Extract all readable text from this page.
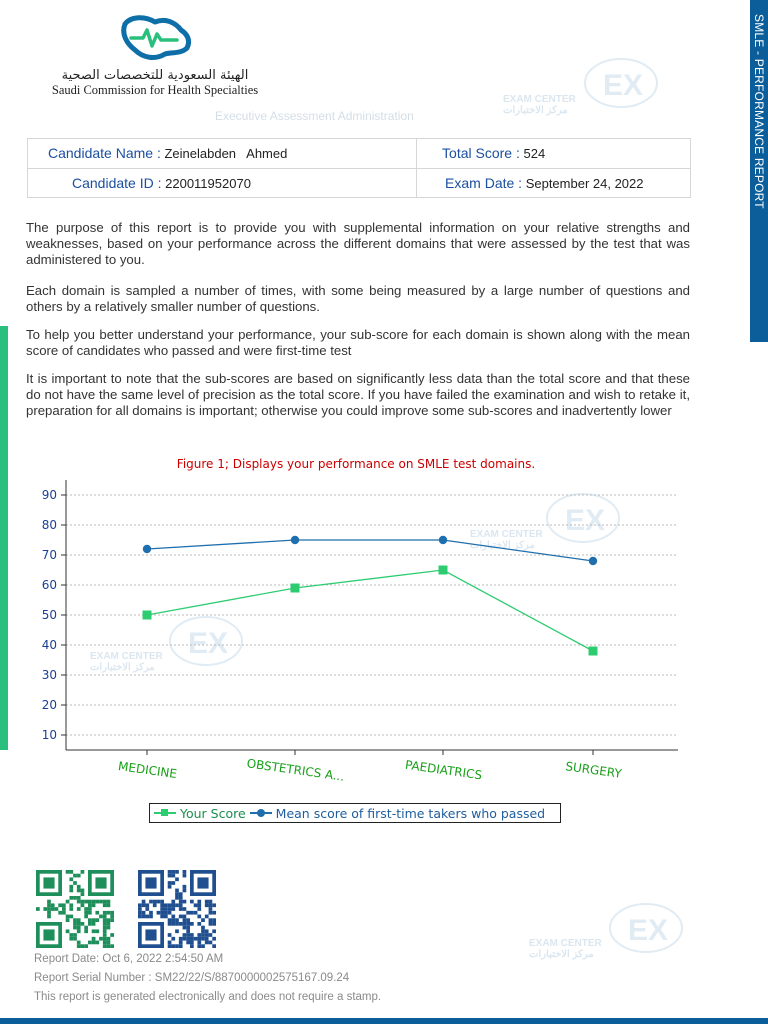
SMLE - PERFORMANCE REPORT
الهيئة السعودية للتخصصات الصحية
Saudi Commission for Health Specialties
EXAM CENTER
مركز الاختبارات
EX
Executive Assessment Administration
EXAM CENTER
مركز الاختبارات
EX
EXAM CENTER
مركز الاختبارات
EX
EXAM CENTER
مركز الاختبارات
EX
Candidate Name : Zeinelabden   Ahmed	Total Score : 524
Candidate ID : 220011952070	Exam Date : September 24, 2022
The purpose of this report is to provide you with supplemental information on your relative strengths and weaknesses, based on your performance across the different domains that were assessed by the test that was administered to you.
Each domain is sampled a number of times, with some being measured by a large number of questions and others by a relatively smaller number of questions.
To help you better understand your performance, your sub-score for each domain is shown along with the mean score of candidates who passed and were first-time test
It is important to note that the sub-scores are based on significantly less data than the total score and that these do not have the same level of precision as the total score. If you have failed the examination and wish to retake it, preparation for all domains is important; otherwise you could improve some sub-scores and inadvertently lower
Figure 1; Displays your performance on SMLE test domains.
10
20
30
40
50
60
70
80
90
MEDICINE	OBSTETRICS A...	PAEDIATRICS	SURGERY
Your Score Mean score of first-time takers who passed
Report Date: Oct 6, 2022 2:54:50 AM
Report Serial Number : SM22/22/S/8870000002575167.09.24
This report is generated electronically and does not require a stamp.
